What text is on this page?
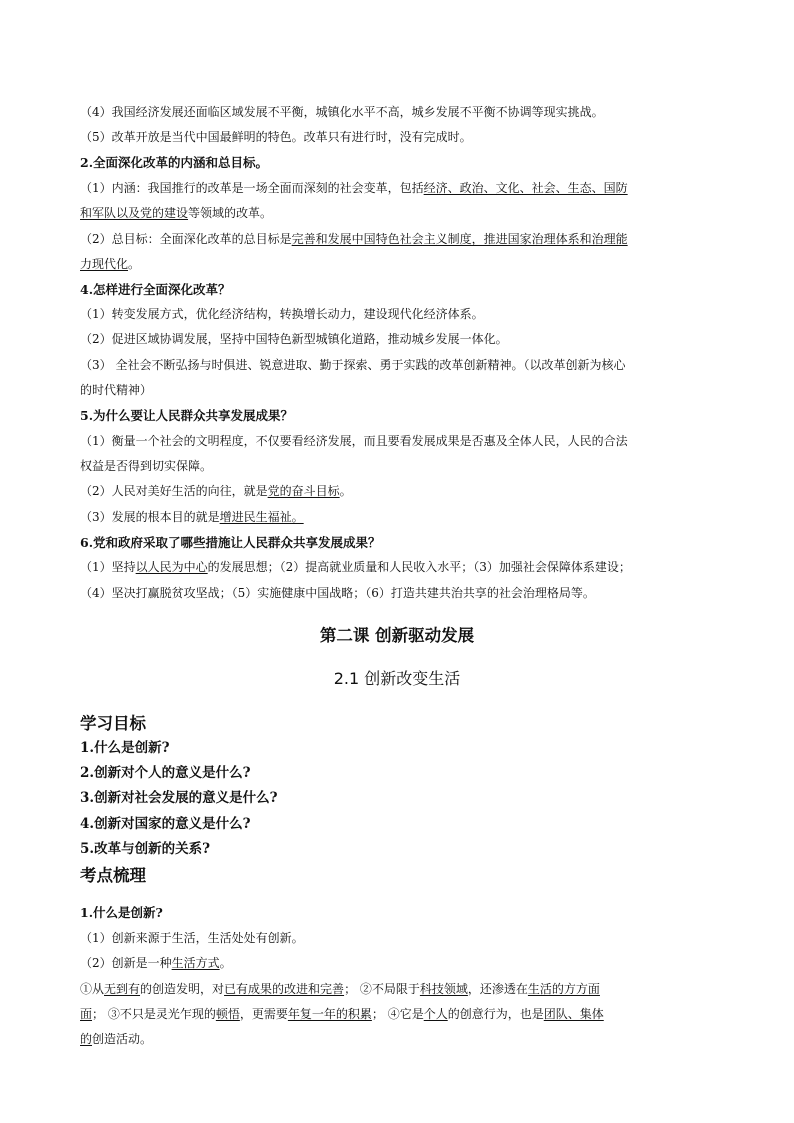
（4）我国经济发展还面临区域发展不平衡，城镇化水平不高，城乡发展不平衡不协调等现实挑战。
（5）改革开放是当代中国最鲜明的特色。改革只有进行时，没有完成时。
2.全面深化改革的内涵和总目标。
（1）内涵：我国推行的改革是一场全面而深刻的社会变革，包括经济、政治、文化、社会、生态、国防
和军队以及党的建设等领域的改革。
（2）总目标：全面深化改革的总目标是完善和发展中国特色社会主义制度，推进国家治理体系和治理能
力现代化。
4.怎样进行全面深化改革？
（1）转变发展方式，优化经济结构，转换增长动力，建设现代化经济体系。
（2）促进区域协调发展，坚持中国特色新型城镇化道路，推动城乡发展一体化。
（3） 全社会不断弘扬与时俱进、锐意进取、勤于探索、勇于实践的改革创新精神。（以改革创新为核心
的时代精神）
5.为什么要让人民群众共享发展成果？
（1）衡量一个社会的文明程度，不仅要看经济发展，而且要看发展成果是否惠及全体人民，人民的合法
权益是否得到切实保障。
（2）人民对美好生活的向往，就是党的奋斗目标。
（3）发展的根本目的就是增进民生福祉。
6.党和政府采取了哪些措施让人民群众共享发展成果？
（1）坚持以人民为中心的发展思想；（2）提高就业质量和人民收入水平；（3）加强社会保障体系建设；
（4）坚决打赢脱贫攻坚战；（5）实施健康中国战略；（6）打造共建共治共享的社会治理格局等。
第二课 创新驱动发展
2.1 创新改变生活
学习目标
1.什么是创新?
2.创新对个人的意义是什么?
3.创新对社会发展的意义是什么?
4.创新对国家的意义是什么?
5.改革与创新的关系?
考点梳理
1.什么是创新?
（1）创新来源于生活，生活处处有创新。
（2）创新是一种生活方式。
①从无到有的创造发明，对已有成果的改进和完善； ②不局限于科技领域，还渗透在生活的方方面
面； ③不只是灵光乍现的顿悟，更需要年复一年的积累； ④它是个人的创意行为，也是团队、集体
的创造活动。
